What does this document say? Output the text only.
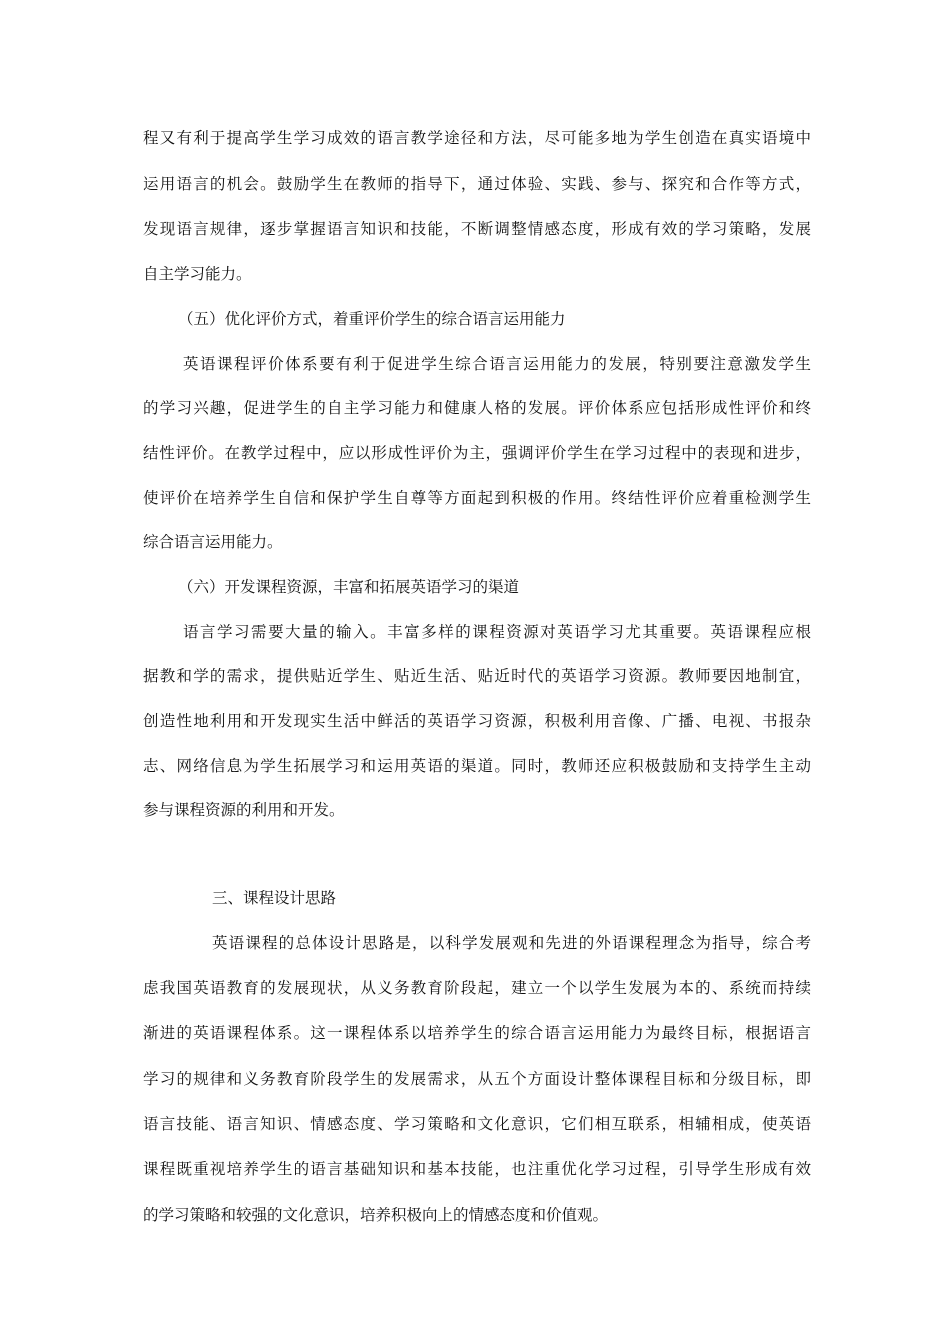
程又有利于提高学生学习成效的语言教学途径和方法，尽可能多地为学生创造在真实语境中
运用语言的机会。鼓励学生在教师的指导下，通过体验、实践、参与、探究和合作等方式，
发现语言规律，逐步掌握语言知识和技能，不断调整情感态度，形成有效的学习策略，发展
自主学习能力。
（五）优化评价方式，着重评价学生的综合语言运用能力
英语课程评价体系要有利于促进学生综合语言运用能力的发展，特别要注意激发学生
的学习兴趣，促进学生的自主学习能力和健康人格的发展。评价体系应包括形成性评价和终
结性评价。在教学过程中，应以形成性评价为主，强调评价学生在学习过程中的表现和进步，
使评价在培养学生自信和保护学生自尊等方面起到积极的作用。终结性评价应着重检测学生
综合语言运用能力。
（六）开发课程资源，丰富和拓展英语学习的渠道
语言学习需要大量的输入。丰富多样的课程资源对英语学习尤其重要。英语课程应根
据教和学的需求，提供贴近学生、贴近生活、贴近时代的英语学习资源。教师要因地制宜，
创造性地利用和开发现实生活中鲜活的英语学习资源，积极利用音像、广播、电视、书报杂
志、网络信息为学生拓展学习和运用英语的渠道。同时，教师还应积极鼓励和支持学生主动
参与课程资源的利用和开发。
三、课程设计思路
英语课程的总体设计思路是，以科学发展观和先进的外语课程理念为指导，综合考
虑我国英语教育的发展现状，从义务教育阶段起，建立一个以学生发展为本的、系统而持续
渐进的英语课程体系。这一课程体系以培养学生的综合语言运用能力为最终目标，根据语言
学习的规律和义务教育阶段学生的发展需求，从五个方面设计整体课程目标和分级目标，即
语言技能、语言知识、情感态度、学习策略和文化意识，它们相互联系，相辅相成，使英语
课程既重视培养学生的语言基础知识和基本技能，也注重优化学习过程，引导学生形成有效
的学习策略和较强的文化意识，培养积极向上的情感态度和价值观。
